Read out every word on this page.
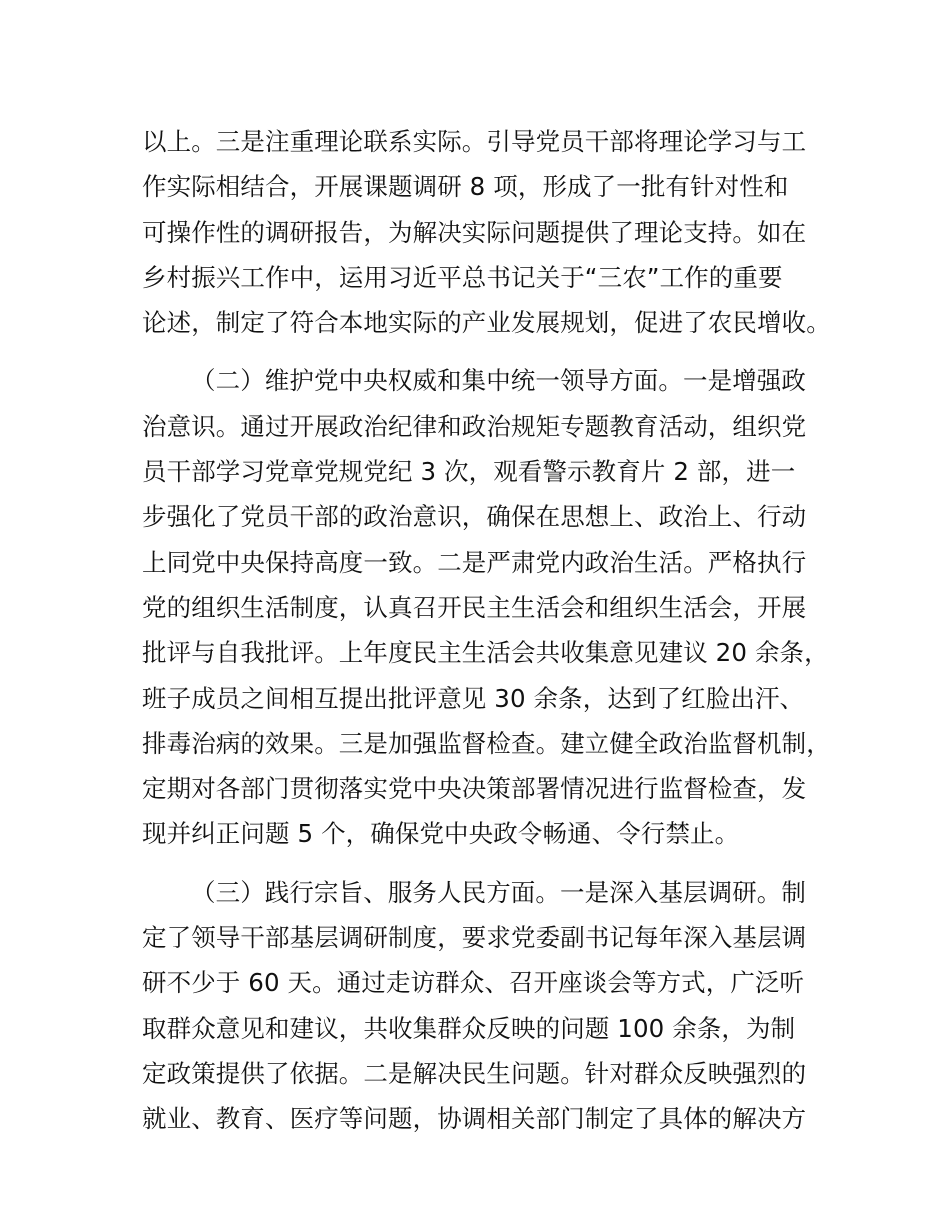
以上。三是注重理论联系实际。引导党员干部将理论学习与工
作实际相结合，开展课题调研 8 项，形成了一批有针对性和
可操作性的调研报告，为解决实际问题提供了理论支持。如在
乡村振兴工作中，运用习近平总书记关于“三农”工作的重要
论述，制定了符合本地实际的产业发展规划，促进了农民增收。
（二）维护党中央权威和集中统一领导方面。一是增强政
治意识。通过开展政治纪律和政治规矩专题教育活动，组织党
员干部学习党章党规党纪 3 次，观看警示教育片 2 部，进一
步强化了党员干部的政治意识，确保在思想上、政治上、行动
上同党中央保持高度一致。二是严肃党内政治生活。严格执行
党的组织生活制度，认真召开民主生活会和组织生活会，开展
批评与自我批评。上年度民主生活会共收集意见建议 20 余条，
班子成员之间相互提出批评意见 30 余条，达到了红脸出汗、
排毒治病的效果。三是加强监督检查。建立健全政治监督机制，
定期对各部门贯彻落实党中央决策部署情况进行监督检查，发
现并纠正问题 5 个，确保党中央政令畅通、令行禁止。
（三）践行宗旨、服务人民方面。一是深入基层调研。制
定了领导干部基层调研制度，要求党委副书记每年深入基层调
研不少于 60 天。通过走访群众、召开座谈会等方式，广泛听
取群众意见和建议，共收集群众反映的问题 100 余条，为制
定政策提供了依据。二是解决民生问题。针对群众反映强烈的
就业、教育、医疗等问题，协调相关部门制定了具体的解决方
